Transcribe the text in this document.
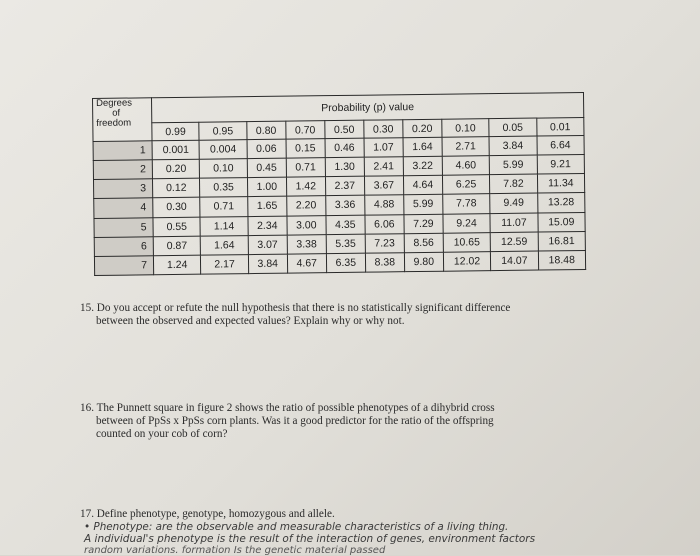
Degrees
of
freedom	Probability (p) value									
	0.99	0.95	0.80	0.70	0.50	0.30	0.20	0.10	0.05	0.01
1	0.001	0.004	0.06	0.15	0.46	1.07	1.64	2.71	3.84	6.64
2	0.20	0.10	0.45	0.71	1.30	2.41	3.22	4.60	5.99	9.21
3	0.12	0.35	1.00	1.42	2.37	3.67	4.64	6.25	7.82	11.34
4	0.30	0.71	1.65	2.20	3.36	4.88	5.99	7.78	9.49	13.28
5	0.55	1.14	2.34	3.00	4.35	6.06	7.29	9.24	11.07	15.09
6	0.87	1.64	3.07	3.38	5.35	7.23	8.56	10.65	12.59	16.81
7	1.24	2.17	3.84	4.67	6.35	8.38	9.80	12.02	14.07	18.48
15. Do you accept or refute the null hypothesis that there is no statistically significant difference
between the observed and expected values? Explain why or why not.
16. The Punnett square in figure 2 shows the ratio of possible phenotypes of a dihybrid cross
between of PpSs x PpSs corn plants. Was it a good predictor for the ratio of the offspring
counted on your cob of corn?
17. Define phenotype, genotype, homozygous and allele.
• Phenotype: are the observable and measurable characteristics of a living thing.
A individual's phenotype is the result of the interaction of genes, environment factors
random variations. formation Is the genetic material passed
